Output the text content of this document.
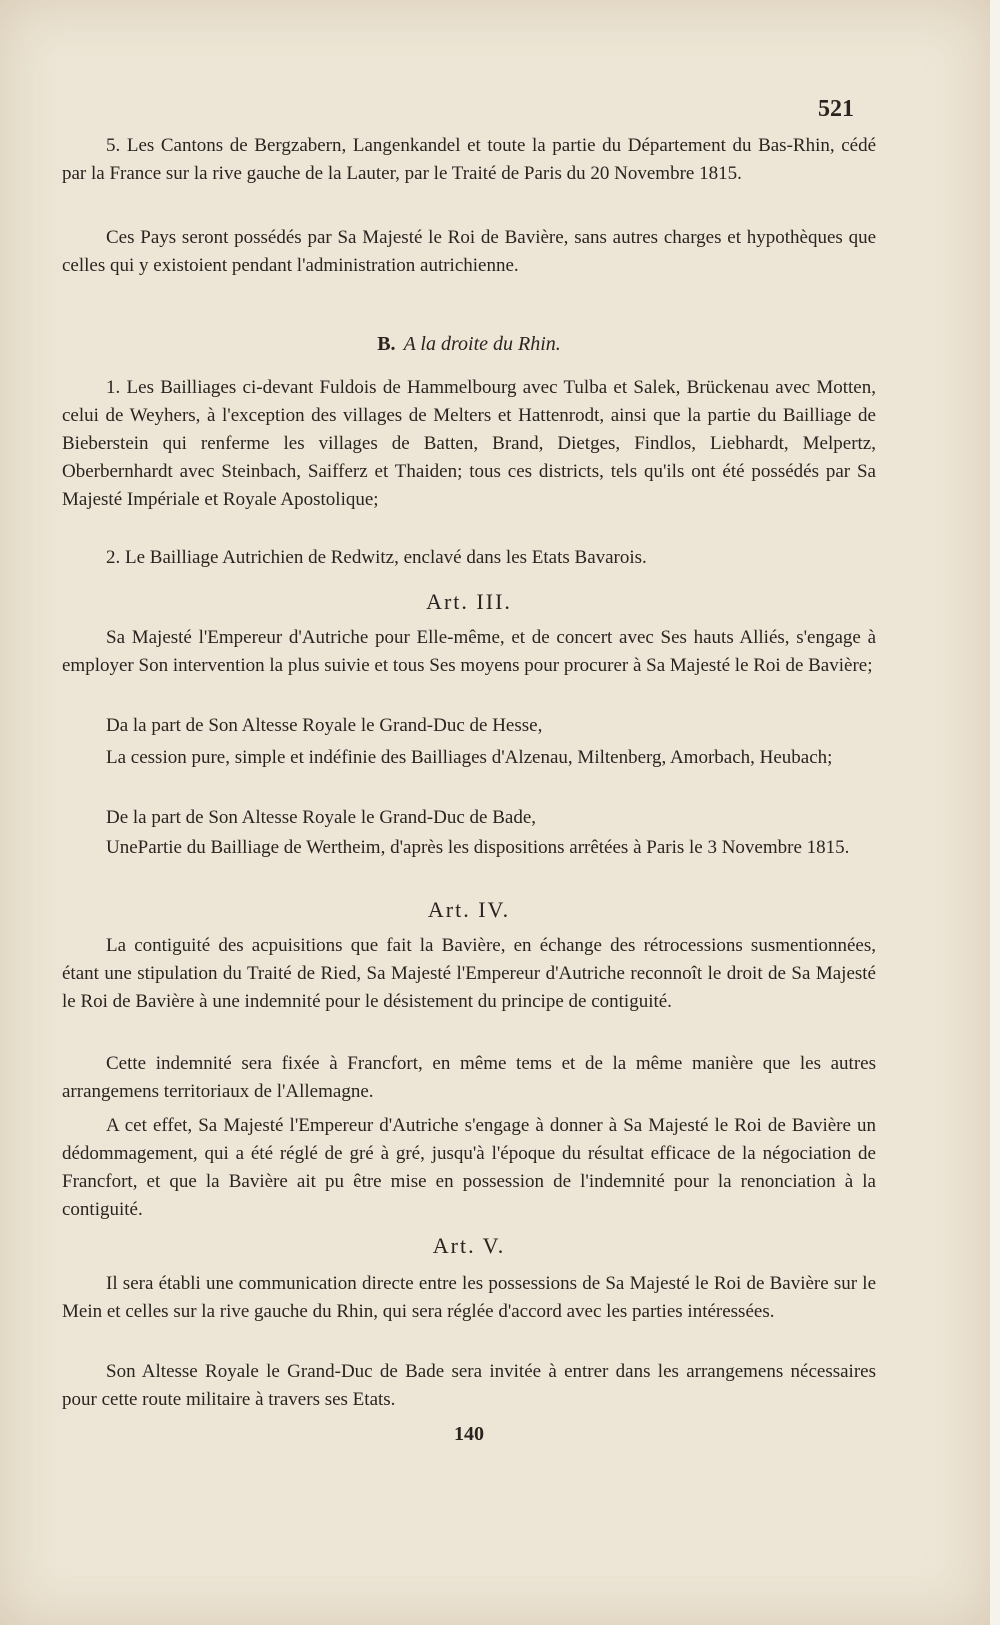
521
5. Les Cantons de Bergzabern, Langenkandel et toute la partie du Département du Bas-Rhin, cédé par la France sur la rive gauche de la Lauter, par le Traité de Paris du 20 Novembre 1815.
Ces Pays seront possédés par Sa Majesté le Roi de Bavière, sans autres charges et hypothèques que celles qui y existoient pendant l'administration autrichienne.
B. A la droite du Rhin.
1. Les Bailliages ci-devant Fuldois de Hammelbourg avec Tulba et Salek, Brückenau avec Motten, celui de Weyhers, à l'exception des villages de Melters et Hattenrodt, ainsi que la partie du Bailliage de Bieberstein qui renferme les villages de Batten, Brand, Dietges, Findlos, Liebhardt, Melpertz, Oberbernhardt avec Steinbach, Saifferz et Thaiden; tous ces districts, tels qu'ils ont été possédés par Sa Majesté Impériale et Royale Apostolique;
2. Le Bailliage Autrichien de Redwitz, enclavé dans les Etats Bavarois.
Art. III.
Sa Majesté l'Empereur d'Autriche pour Elle-même, et de concert avec Ses hauts Alliés, s'engage à employer Son intervention la plus suivie et tous Ses moyens pour procurer à Sa Majesté le Roi de Bavière;
Da la part de Son Altesse Royale le Grand-Duc de Hesse,
La cession pure, simple et indéfinie des Bailliages d'Alzenau, Miltenberg, Amorbach, Heubach;
De la part de Son Altesse Royale le Grand-Duc de Bade,
UnePartie du Bailliage de Wertheim, d'après les dispositions arrêtées à Paris le 3 Novembre 1815.
Art. IV.
La contiguité des acpuisitions que fait la Bavière, en échange des rétrocessions susmentionnées, étant une stipulation du Traité de Ried, Sa Majesté l'Empereur d'Autriche reconnoît le droit de Sa Majesté le Roi de Bavière à une indemnité pour le désistement du principe de contiguité.
Cette indemnité sera fixée à Francfort, en même tems et de la même manière que les autres arrangemens territoriaux de l'Allemagne.
A cet effet, Sa Majesté l'Empereur d'Autriche s'engage à donner à Sa Majesté le Roi de Bavière un dédommagement, qui a été réglé de gré à gré, jusqu'à l'époque du résultat efficace de la négociation de Francfort, et que la Bavière ait pu être mise en possession de l'indemnité pour la renonciation à la contiguité.
Art. V.
Il sera établi une communication directe entre les possessions de Sa Majesté le Roi de Bavière sur le Mein et celles sur la rive gauche du Rhin, qui sera réglée d'accord avec les parties intéressées.
Son Altesse Royale le Grand-Duc de Bade sera invitée à entrer dans les arrangemens nécessaires pour cette route militaire à travers ses Etats.
140
